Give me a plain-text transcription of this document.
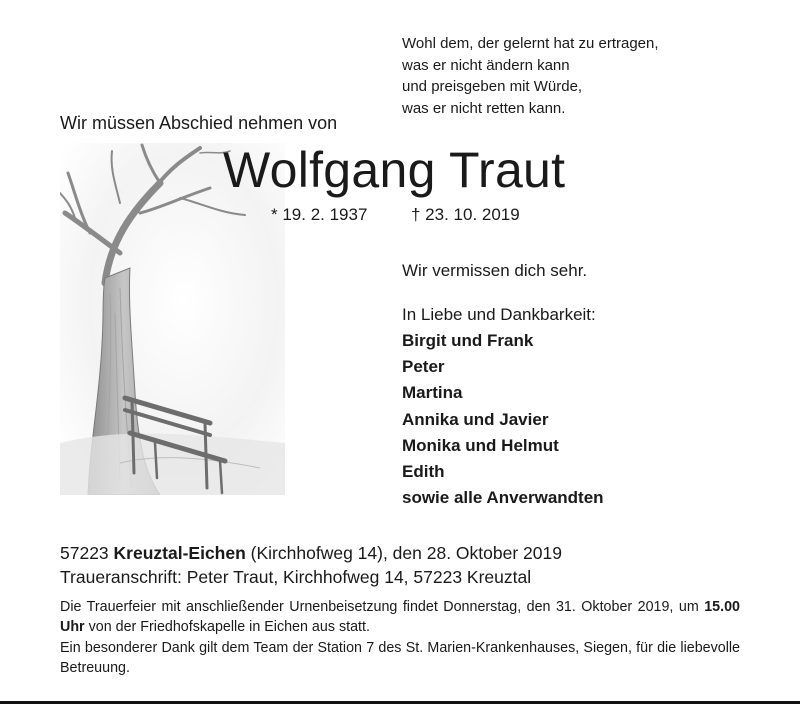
Wohl dem, der gelernt hat zu ertragen,
was er nicht ändern kann
und preisgeben mit Würde,
was er nicht retten kann.
Wir müssen Abschied nehmen von
Wolfgang Traut
* 19. 2. 1937	† 23. 10. 2019
Wir vermissen dich sehr.
In Liebe und Dankbarkeit:
Birgit und Frank
Peter
Martina
Annika und Javier
Monika und Helmut
Edith
sowie alle Anverwandten
57223 Kreuztal-Eichen (Kirchhofweg 14), den 28. Oktober 2019
Traueranschrift: Peter Traut, Kirchhofweg 14, 57223 Kreuztal
Die Trauerfeier mit anschließender Urnenbeisetzung findet Donnerstag, den 31. Oktober 2019, um 15.00 Uhr von der Friedhofskapelle in Eichen aus statt.
Ein besonderer Dank gilt dem Team der Station 7 des St. Marien-Krankenhauses, Siegen, für die liebevolle Betreuung.
